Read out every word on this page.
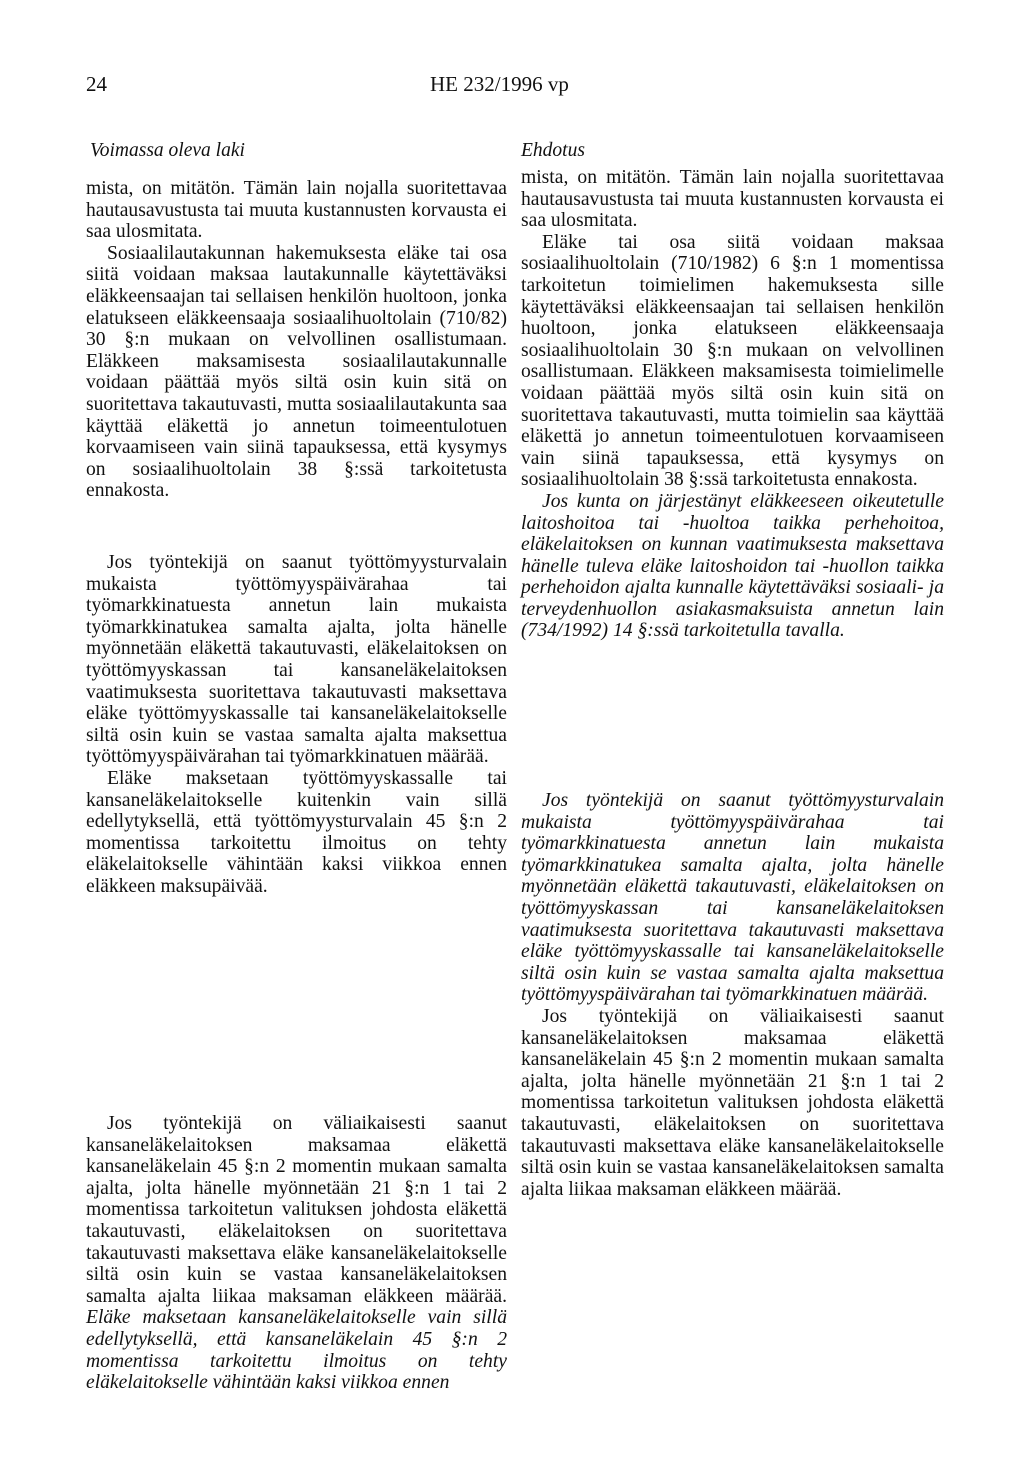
24	HE 232/1996 vp
Voimassa oleva laki	Ehdotus

mista, on mitätön. Tämän lain nojalla suoritettavaa hautausavustusta tai muuta kustannusten korvausta ei saa ulosmitata.

Sosiaalilautakunnan hakemuksesta eläke tai osa siitä voidaan maksaa lautakunnalle käytettäväksi eläkkeensaajan tai sellaisen henkilön huoltoon, jonka elatukseen eläkkeensaaja sosiaalihuoltolain (710/82) 30 §:n mukaan on velvollinen osallistumaan. Eläkkeen maksamisesta sosiaalilautakunnalle voidaan päättää myös siltä osin kuin sitä on suoritettava takautuvasti, mutta sosiaalilautakunta saa käyttää eläkettä jo annetun toimeentulotuen korvaamiseen vain siinä tapauksessa, että kysymys on sosiaalihuoltolain 38 §:ssä tarkoitetusta ennakosta.

Jos työntekijä on saanut työttömyysturvalain mukaista työttömyyspäivärahaa tai työmarkkinatuesta annetun lain mukaista työmarkkinatukea samalta ajalta, jolta hänelle myönnetään eläkettä takautuvasti, eläkelaitoksen on työttömyyskassan tai kansaneläkelaitoksen vaatimuksesta suoritettava takautuvasti maksettava eläke työttömyyskassalle tai kansaneläkelaitokselle siltä osin kuin se vastaa samalta ajalta maksettua työttömyyspäivärahan tai työmarkkinatuen määrää.

Eläke maksetaan työttömyyskassalle tai kansaneläkelaitokselle kuitenkin vain sillä edellytyksellä, että työttömyysturvalain 45 §:n 2 momentissa tarkoitettu ilmoitus on tehty eläkelaitokselle vähintään kaksi viikkoa ennen eläkkeen maksupäivää.

Jos työntekijä on väliaikaisesti saanut kansaneläkelaitoksen maksamaa eläkettä kansaneläkelain 45 §:n 2 momentin mukaan samalta ajalta, jolta hänelle myönnetään 21 §:n 1 tai 2 momentissa tarkoitetun valituksen johdosta eläkettä takautuvasti, eläkelaitoksen on suoritettava takautuvasti maksettava eläke kansaneläkelaitokselle siltä osin kuin se vastaa kansaneläkelaitoksen samalta ajalta liikaa maksaman eläkkeen määrää. Eläke maksetaan kansaneläkelaitokselle vain sillä edellytyksellä, että kansaneläkelain 45 §:n 2 momentissa tarkoitettu ilmoitus on tehty eläkelaitokselle vähintään kaksi viikkoa ennen

mista, on mitätön. Tämän lain nojalla suoritettavaa hautausavustusta tai muuta kustannusten korvausta ei saa ulosmitata.

Eläke tai osa siitä voidaan maksaa sosiaalihuoltolain (710/1982) 6 §:n 1 momentissa tarkoitetun toimielimen hakemuksesta sille käytettäväksi eläkkeensaajan tai sellaisen henkilön huoltoon, jonka elatukseen eläkkeensaaja sosiaalihuoltolain 30 §:n mukaan on velvollinen osallistumaan. Eläkkeen maksamisesta toimielimelle voidaan päättää myös siltä osin kuin sitä on suoritettava takautuvasti, mutta toimielin saa käyttää eläkettä jo annetun toimeentulotuen korvaamiseen vain siinä tapauksessa, että kysymys on sosiaalihuoltolain 38 §:ssä tarkoitetusta ennakosta.

Jos kunta on järjestänyt eläkkeeseen oikeutetulle laitoshoitoa tai -huoltoa taikka perhehoitoa, eläkelaitoksen on kunnan vaatimuksesta maksettava hänelle tuleva eläke laitoshoidon tai -huollon taikka perhehoidon ajalta kunnalle käytettäväksi sosiaali- ja terveydenhuollon asiakasmaksuista annetun lain (734/1992) 14 §:ssä tarkoitetulla tavalla.

Jos työntekijä on saanut työttömyysturvalain mukaista työttömyyspäivärahaa tai työmarkkinatuesta annetun lain mukaista työmarkkinatukea samalta ajalta, jolta hänelle myönnetään eläkettä takautuvasti, eläkelaitoksen on työttömyyskassan tai kansaneläkelaitoksen vaatimuksesta suoritettava takautuvasti maksettava eläke työttömyyskassalle tai kansaneläkelaitokselle siltä osin kuin se vastaa samalta ajalta maksettua työttömyyspäivärahan tai työmarkkinatuen määrää.

Jos työntekijä on väliaikaisesti saanut kansaneläkelaitoksen maksamaa eläkettä kansaneläkelain 45 §:n 2 momentin mukaan samalta ajalta, jolta hänelle myönnetään 21 §:n 1 tai 2 momentissa tarkoitetun valituksen johdosta eläkettä takautuvasti, eläkelaitoksen on suoritettava takautuvasti maksettava eläke kansaneläkelaitokselle siltä osin kuin se vastaa kansaneläkelaitoksen samalta ajalta liikaa maksaman eläkkeen määrää.
